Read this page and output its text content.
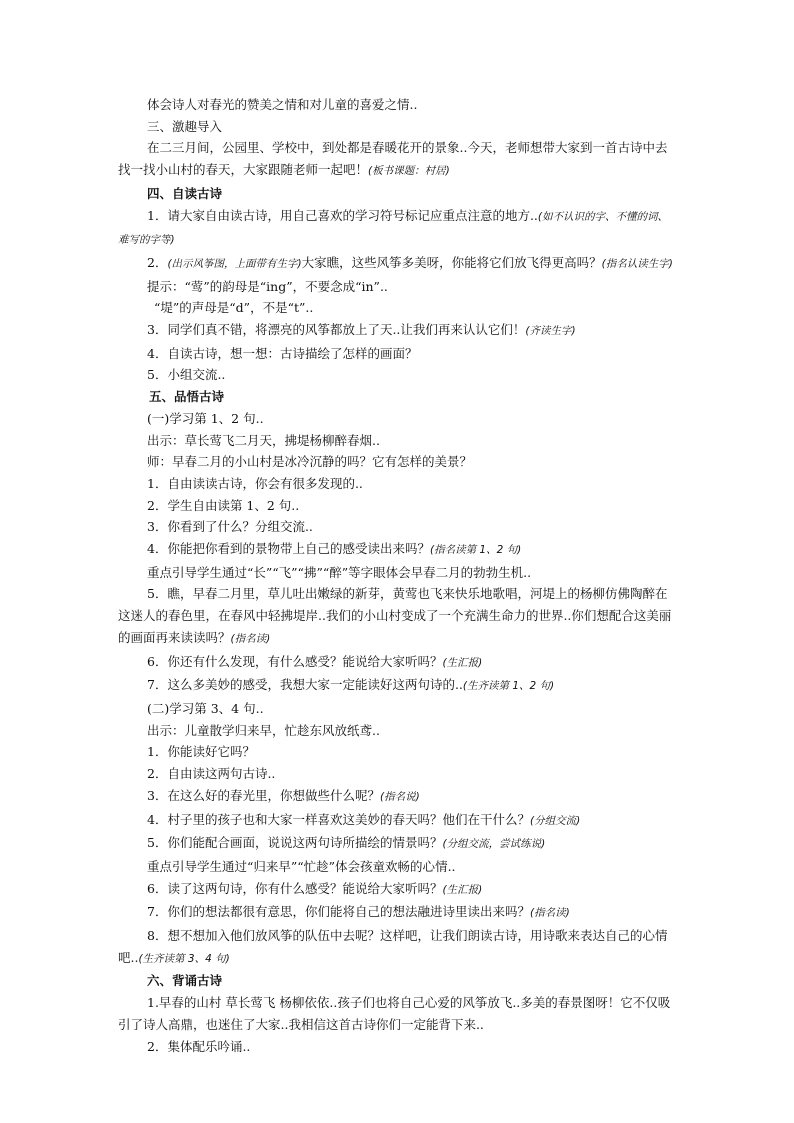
体会诗人对春光的赞美之情和对儿童的喜爱之情..

三、激趣导入

在二三月间，公园里、学校中，到处都是春暖花开的景象..今天，老师想带大家到一首古诗中去找一找小山村的春天，大家跟随老师一起吧！(板书课题：村居)

四、自读古诗

1．请大家自由读古诗，用自己喜欢的学习符号标记应重点注意的地方..(如不认识的字、不懂的词、难写的字等)

2．(出示风筝图，上面带有生字)大家瞧，这些风筝多美呀，你能将它们放飞得更高吗？(指名认读生字)

提示：“莺”的韵母是“ing”，不要念成“in”..

“堤”的声母是“d”，不是“t”..

3．同学们真不错，将漂亮的风筝都放上了天..让我们再来认认它们！(齐读生字)

4．自读古诗，想一想：古诗描绘了怎样的画面？

5．小组交流..

五、品悟古诗

(一)学习第 1、2 句..

出示：草长莺飞二月天，拂堤杨柳醉春烟..

师：早春二月的小山村是冰冷沉静的吗？它有怎样的美景？

1．自由读读古诗，你会有很多发现的..

2．学生自由读第 1、2 句..

3．你看到了什么？分组交流..

4．你能把你看到的景物带上自己的感受读出来吗？(指名读第 1、2 句)

重点引导学生通过“长”“飞”“拂”“醉”等字眼体会早春二月的勃勃生机..

5．瞧，早春二月里，草儿吐出嫩绿的新芽，黄莺也飞来快乐地歌唱，河堤上的杨柳仿佛陶醉在这迷人的春色里，在春风中轻拂堤岸..我们的小山村变成了一个充满生命力的世界..你们想配合这美丽的画面再来读读吗？(指名读)

6．你还有什么发现，有什么感受？能说给大家听吗？(生汇报)

7．这么多美妙的感受，我想大家一定能读好这两句诗的..(生齐读第 1、2 句)

(二)学习第 3、4 句..

出示：儿童散学归来早，忙趁东风放纸鸢..

1．你能读好它吗？

2．自由读这两句古诗..

3．在这么好的春光里，你想做些什么呢？(指名说)

4．村子里的孩子也和大家一样喜欢这美妙的春天吗？他们在干什么？(分组交流)

5．你们能配合画面，说说这两句诗所描绘的情景吗？(分组交流，尝试练说)

重点引导学生通过“归来早”“忙趁”体会孩童欢畅的心情..

6．读了这两句诗，你有什么感受？能说给大家听吗？(生汇报)

7．你们的想法都很有意思，你们能将自己的想法融进诗里读出来吗？(指名读)

8．想不想加入他们放风筝的队伍中去呢？这样吧，让我们朗读古诗，用诗歌来表达自己的心情吧..(生齐读第 3、4 句)

六、背诵古诗

1.早春的山村 草长莺飞 杨柳依依..孩子们也将自己心爱的风筝放飞..多美的春景图呀！它不仅吸引了诗人高鼎，也迷住了大家..我相信这首古诗你们一定能背下来..

2．集体配乐吟诵..
